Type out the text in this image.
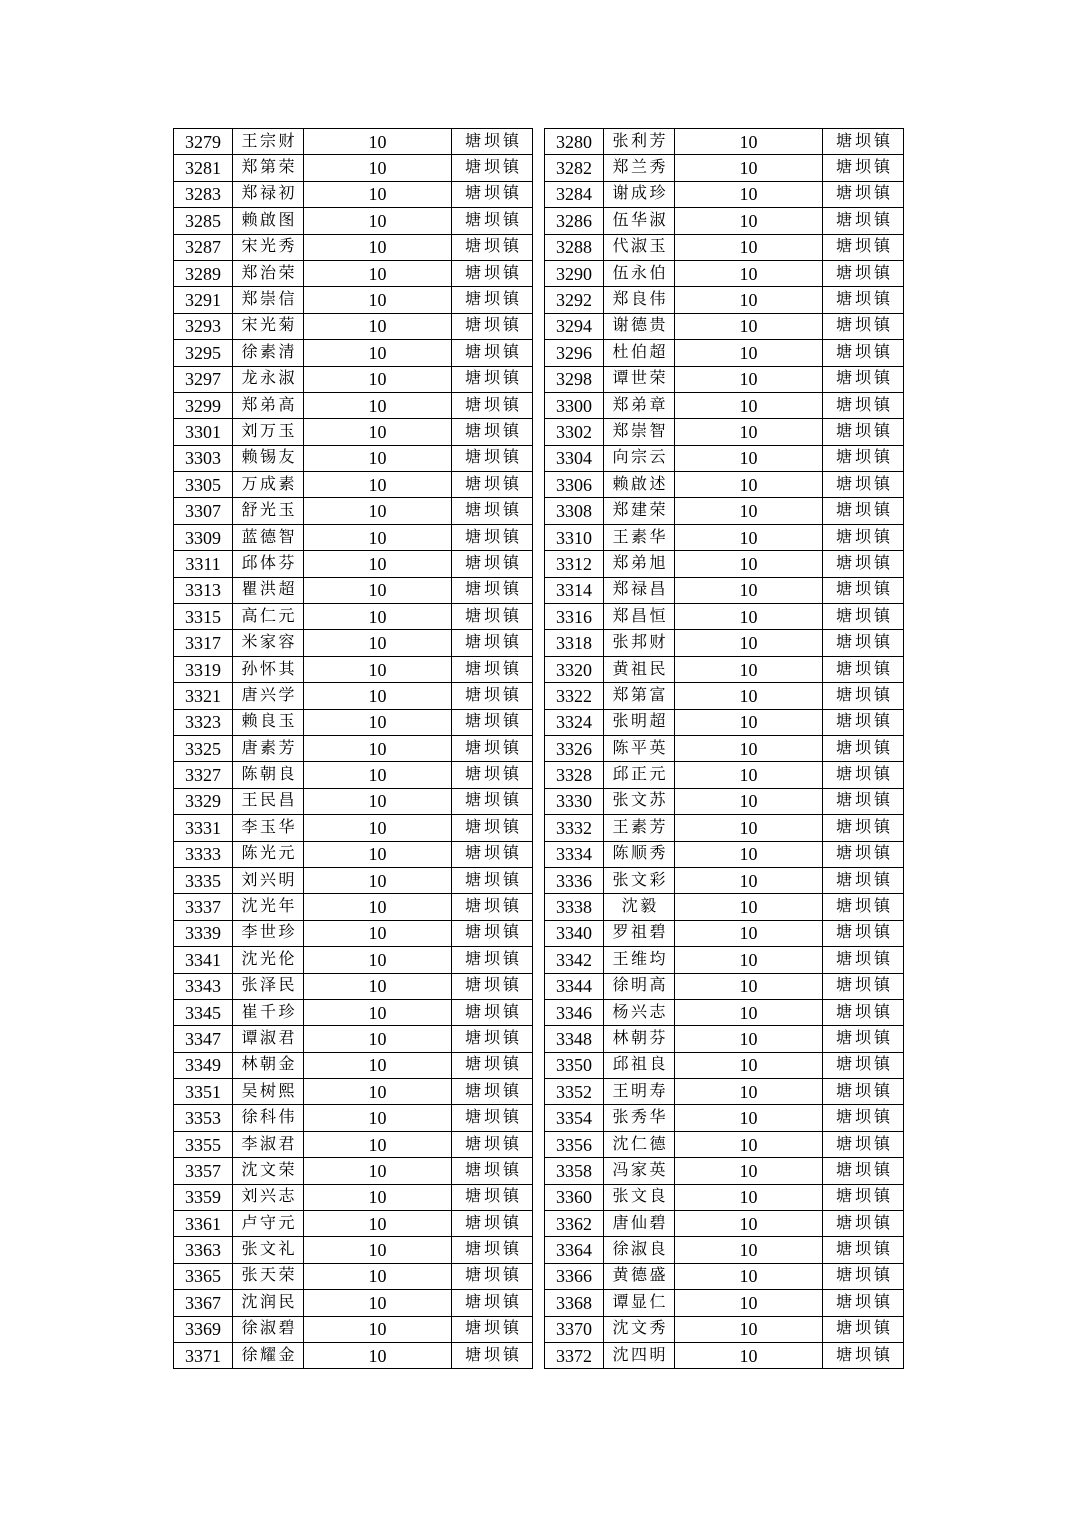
3279	王宗财	10	塘坝镇
3281	郑第荣	10	塘坝镇
3283	郑禄初	10	塘坝镇
3285	赖啟图	10	塘坝镇
3287	宋光秀	10	塘坝镇
3289	郑治荣	10	塘坝镇
3291	郑崇信	10	塘坝镇
3293	宋光菊	10	塘坝镇
3295	徐素清	10	塘坝镇
3297	龙永淑	10	塘坝镇
3299	郑弟高	10	塘坝镇
3301	刘万玉	10	塘坝镇
3303	赖锡友	10	塘坝镇
3305	万成素	10	塘坝镇
3307	舒光玉	10	塘坝镇
3309	蓝德智	10	塘坝镇
3311	邱体芬	10	塘坝镇
3313	瞿洪超	10	塘坝镇
3315	高仁元	10	塘坝镇
3317	米家容	10	塘坝镇
3319	孙怀其	10	塘坝镇
3321	唐兴学	10	塘坝镇
3323	赖良玉	10	塘坝镇
3325	唐素芳	10	塘坝镇
3327	陈朝良	10	塘坝镇
3329	王民昌	10	塘坝镇
3331	李玉华	10	塘坝镇
3333	陈光元	10	塘坝镇
3335	刘兴明	10	塘坝镇
3337	沈光年	10	塘坝镇
3339	李世珍	10	塘坝镇
3341	沈光伦	10	塘坝镇
3343	张泽民	10	塘坝镇
3345	崔千珍	10	塘坝镇
3347	谭淑君	10	塘坝镇
3349	林朝金	10	塘坝镇
3351	吴树熙	10	塘坝镇
3353	徐科伟	10	塘坝镇
3355	李淑君	10	塘坝镇
3357	沈文荣	10	塘坝镇
3359	刘兴志	10	塘坝镇
3361	卢守元	10	塘坝镇
3363	张文礼	10	塘坝镇
3365	张天荣	10	塘坝镇
3367	沈润民	10	塘坝镇
3369	徐淑碧	10	塘坝镇
3371	徐耀金	10	塘坝镇
3280	张利芳	10	塘坝镇
3282	郑兰秀	10	塘坝镇
3284	谢成珍	10	塘坝镇
3286	伍华淑	10	塘坝镇
3288	代淑玉	10	塘坝镇
3290	伍永伯	10	塘坝镇
3292	郑良伟	10	塘坝镇
3294	谢德贵	10	塘坝镇
3296	杜伯超	10	塘坝镇
3298	谭世荣	10	塘坝镇
3300	郑弟章	10	塘坝镇
3302	郑崇智	10	塘坝镇
3304	向宗云	10	塘坝镇
3306	赖啟述	10	塘坝镇
3308	郑建荣	10	塘坝镇
3310	王素华	10	塘坝镇
3312	郑弟旭	10	塘坝镇
3314	郑禄昌	10	塘坝镇
3316	郑昌恒	10	塘坝镇
3318	张邦财	10	塘坝镇
3320	黄祖民	10	塘坝镇
3322	郑第富	10	塘坝镇
3324	张明超	10	塘坝镇
3326	陈平英	10	塘坝镇
3328	邱正元	10	塘坝镇
3330	张文苏	10	塘坝镇
3332	王素芳	10	塘坝镇
3334	陈顺秀	10	塘坝镇
3336	张文彩	10	塘坝镇
3338	沈毅	10	塘坝镇
3340	罗祖碧	10	塘坝镇
3342	王维均	10	塘坝镇
3344	徐明高	10	塘坝镇
3346	杨兴志	10	塘坝镇
3348	林朝芬	10	塘坝镇
3350	邱祖良	10	塘坝镇
3352	王明寿	10	塘坝镇
3354	张秀华	10	塘坝镇
3356	沈仁德	10	塘坝镇
3358	冯家英	10	塘坝镇
3360	张文良	10	塘坝镇
3362	唐仙碧	10	塘坝镇
3364	徐淑良	10	塘坝镇
3366	黄德盛	10	塘坝镇
3368	谭显仁	10	塘坝镇
3370	沈文秀	10	塘坝镇
3372	沈四明	10	塘坝镇
